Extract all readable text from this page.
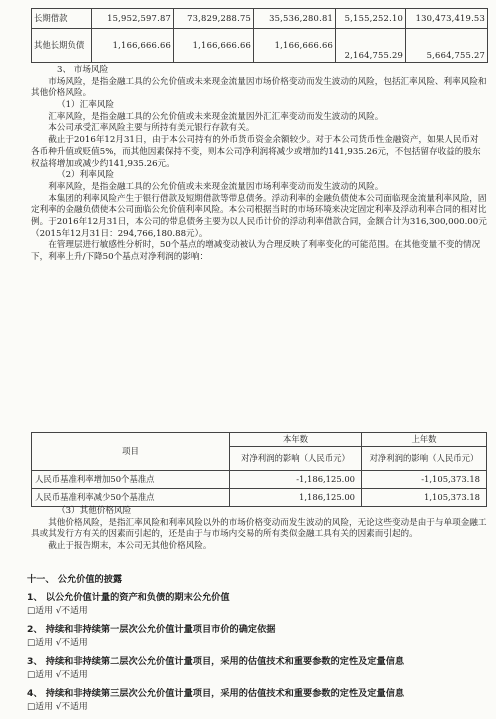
长期借款	15,952,597.87	73,829,288.75	35,536,280.81	5,155,252.10	130,473,419.53
其他长期负债	1,166,666.66	1,166,666.66	1,166,666.66	2,164,755.29	5,664,755.27

3、 市场风险

市场风险，是指金融工具的公允价值或未来现金流量因市场价格变动而发生波动的风险，包括汇率风险、利率风险和其他价格风险。

（1）汇率风险

汇率风险，是指金融工具的公允价值或未来现金流量因外汇汇率变动而发生波动的风险。

本公司承受汇率风险主要与所持有美元银行存款有关。

截止于2016年12月31日，由于本公司持有的外币货币资金余额较少。对于本公司货币性金融资产，如果人民币对各币种升值或贬值5%，而其他因素保持不变，则本公司净利润将减少或增加约141,935.26元，不包括留存收益的股东权益将增加或减少约141,935.26元。

（2）利率风险

利率风险，是指金融工具的公允价值或未来现金流量因市场利率变动而发生波动的风险。

本集团的利率风险产生于银行借款及短期借款等带息债务。浮动利率的金融负债使本公司面临现金流量利率风险，固定利率的金融负债使本公司面临公允价值利率风险。本公司根据当时的市场环境来决定固定利率及浮动利率合同的相对比例。于2016年12月31日，本公司的带息债务主要为以人民币计价的浮动利率借款合同，金额合计为316,300,000.00元（2015年12月31日：294,766,180.88元）。

在管理层进行敏感性分析时，50个基点的增减变动被认为合理反映了利率变化的可能范围。在其他变量不变的情况下，利率上升/下降50个基点对净利润的影响：

项目	本年数	上年数
	对净利润的影响（人民币元）	对净利润的影响（人民币元）
人民币基准利率增加50个基准点	-1,186,125.00	-1,105,373.18
人民币基准利率减少50个基准点	1,186,125.00	1,105,373.18

（3）其他价格风险

其他价格风险，是指汇率风险和利率风险以外的市场价格变动而发生波动的风险，无论这些变动是由于与单项金融工具或其发行方有关的因素而引起的，还是由于与市场内交易的所有类似金融工具有关的因素而引起的。

截止于报告期末，本公司无其他价格风险。

十一、 公允价值的披露
1、 以公允价值计量的资产和负债的期末公允价值
□适用 √不适用
2、 持续和非持续第一层次公允价值计量项目市价的确定依据
□适用 √不适用
3、 持续和非持续第二层次公允价值计量项目，采用的估值技术和重要参数的定性及定量信息
□适用 √不适用
4、 持续和非持续第三层次公允价值计量项目，采用的估值技术和重要参数的定性及定量信息
□适用 √不适用
